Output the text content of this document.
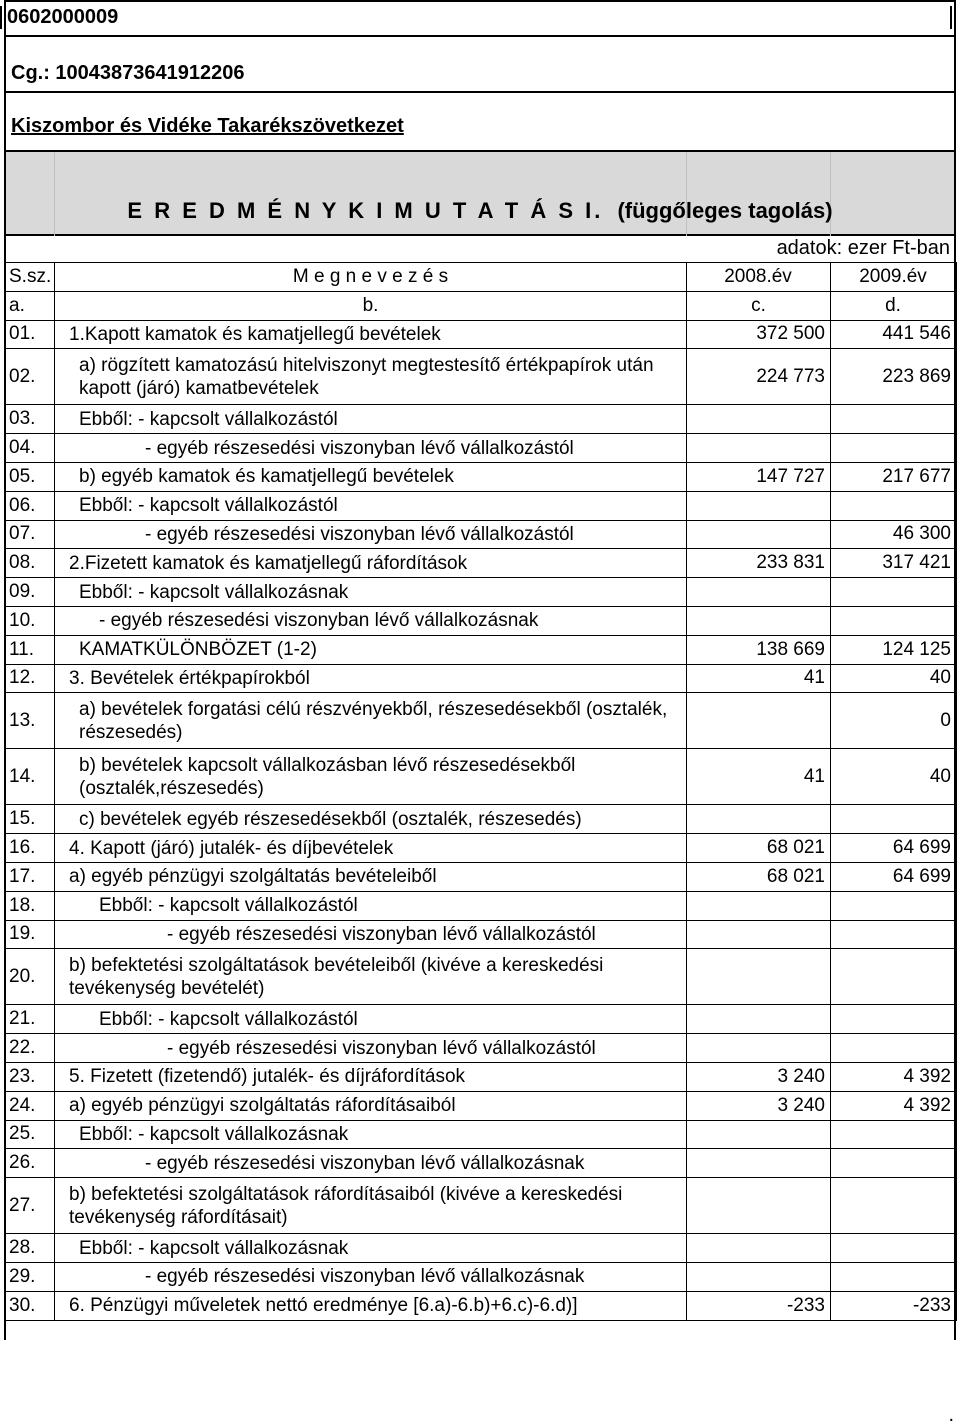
0602000009
Cg.: 10043873641912206
Kiszombor és Vidéke Takarékszövetkezet
E R E D M É N Y K I M U T A T Á S I. (függőleges tagolás)
adatok: ezer Ft-ban
S.sz.	M e g n e v e z é s	2008.év	2009.év
a.	b.	c.	d.
01.	1.Kapott kamatok és kamatjellegű bevételek	372 500	441 546
02.	a) rögzített kamatozású hitelviszonyt megtestesítő értékpapírok után kapott (járó) kamatbevételek	224 773	223 869
03.	Ebből: - kapcsolt vállalkozástól		
04.	- egyéb részesedési viszonyban lévő vállalkozástól		
05.	b) egyéb kamatok és kamatjellegű bevételek	147 727	217 677
06.	Ebből: - kapcsolt vállalkozástól		
07.	- egyéb részesedési viszonyban lévő vállalkozástól		46 300
08.	2.Fizetett kamatok és kamatjellegű ráfordítások	233 831	317 421
09.	Ebből: - kapcsolt vállalkozásnak		
10.	- egyéb részesedési viszonyban lévő vállalkozásnak		
11.	KAMATKÜLÖNBÖZET (1-2)	138 669	124 125
12.	3. Bevételek értékpapírokból	41	40
13.	a) bevételek forgatási célú részvényekből, részesedésekből (osztalék, részesedés)		0
14.	b) bevételek kapcsolt vállalkozásban lévő részesedésekből (osztalék,részesedés)	41	40
15.	c) bevételek egyéb részesedésekből (osztalék, részesedés)		
16.	4. Kapott (járó) jutalék- és díjbevételek	68 021	64 699
17.	a) egyéb pénzügyi szolgáltatás bevételeiből	68 021	64 699
18.	Ebből: - kapcsolt vállalkozástól		
19.	- egyéb részesedési viszonyban lévő vállalkozástól		
20.	b) befektetési szolgáltatások bevételeiből (kivéve a kereskedési tevékenység bevételét)		
21.	Ebből: - kapcsolt vállalkozástól		
22.	- egyéb részesedési viszonyban lévő vállalkozástól		
23.	5. Fizetett (fizetendő) jutalék- és díjráfordítások	3 240	4 392
24.	a) egyéb pénzügyi szolgáltatás ráfordításaiból	3 240	4 392
25.	Ebből: - kapcsolt vállalkozásnak		
26.	- egyéb részesedési viszonyban lévő vállalkozásnak		
27.	b) befektetési szolgáltatások ráfordításaiból (kivéve a kereskedési tevékenység ráfordításait)		
28.	Ebből: - kapcsolt vállalkozásnak		
29.	- egyéb részesedési viszonyban lévő vállalkozásnak		
30.	6. Pénzügyi műveletek nettó eredménye [6.a)-6.b)+6.c)-6.d)]	-233	-233
.
